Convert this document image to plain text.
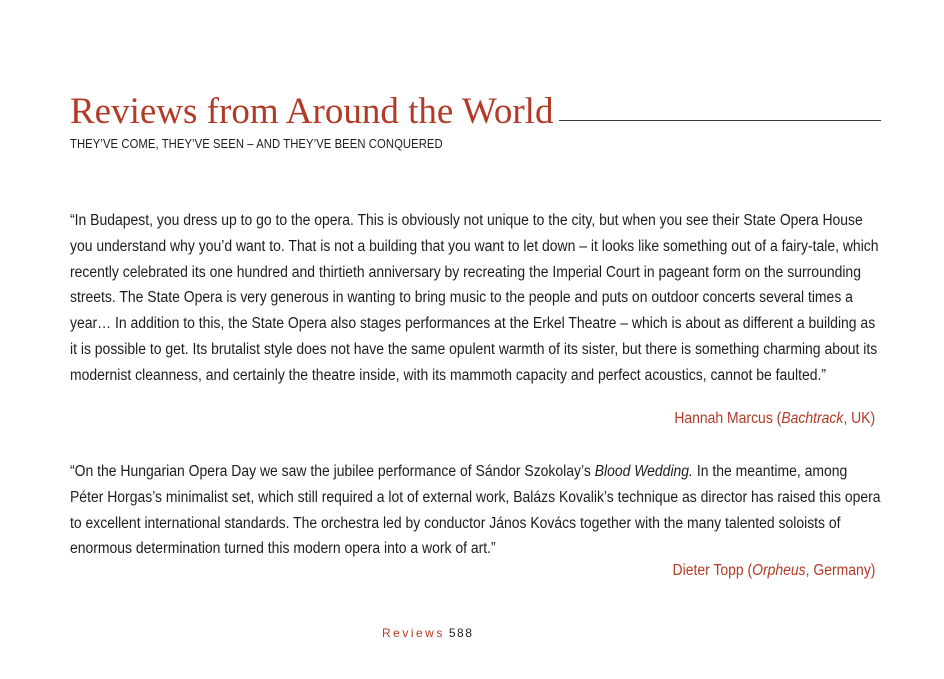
Reviews from Around the World
THEY’VE COME, THEY’VE SEEN – AND THEY’VE BEEN CONQUERED

“In Budapest, you dress up to go to the opera. This is obviously not unique to the city, but when you see their State Opera House you understand why you’d want to. That is not a building that you want to let down – it looks like something out of a fairy-tale, which recently celebrated its one hundred and thirtieth anniversary by recreating the Imperial Court in pageant form on the surrounding streets. The State Opera is very generous in wanting to bring music to the people and puts on outdoor concerts several times a year… In addition to this, the State Opera also stages performances at the Erkel Theatre – which is about as different a building as it is possible to get. Its brutalist style does not have the same opulent warmth of its sister, but there is something charming about its modernist cleanness, and certainly the theatre inside, with its mammoth capacity and perfect acoustics, cannot be faulted.”

Hannah Marcus (Bachtrack, UK)

“On the Hungarian Opera Day we saw the jubilee performance of Sándor Szokolay’s Blood Wedding. In the meantime, among Péter Horgas’s minimalist set, which still required a lot of external work, Balázs Kovalik’s technique as director has raised this opera to excellent international standards. The orchestra led by conductor János Kovács together with the many talented soloists of enormous determination turned this modern opera into a work of art.”

Dieter Topp (Orpheus, Germany)
Reviews 588
